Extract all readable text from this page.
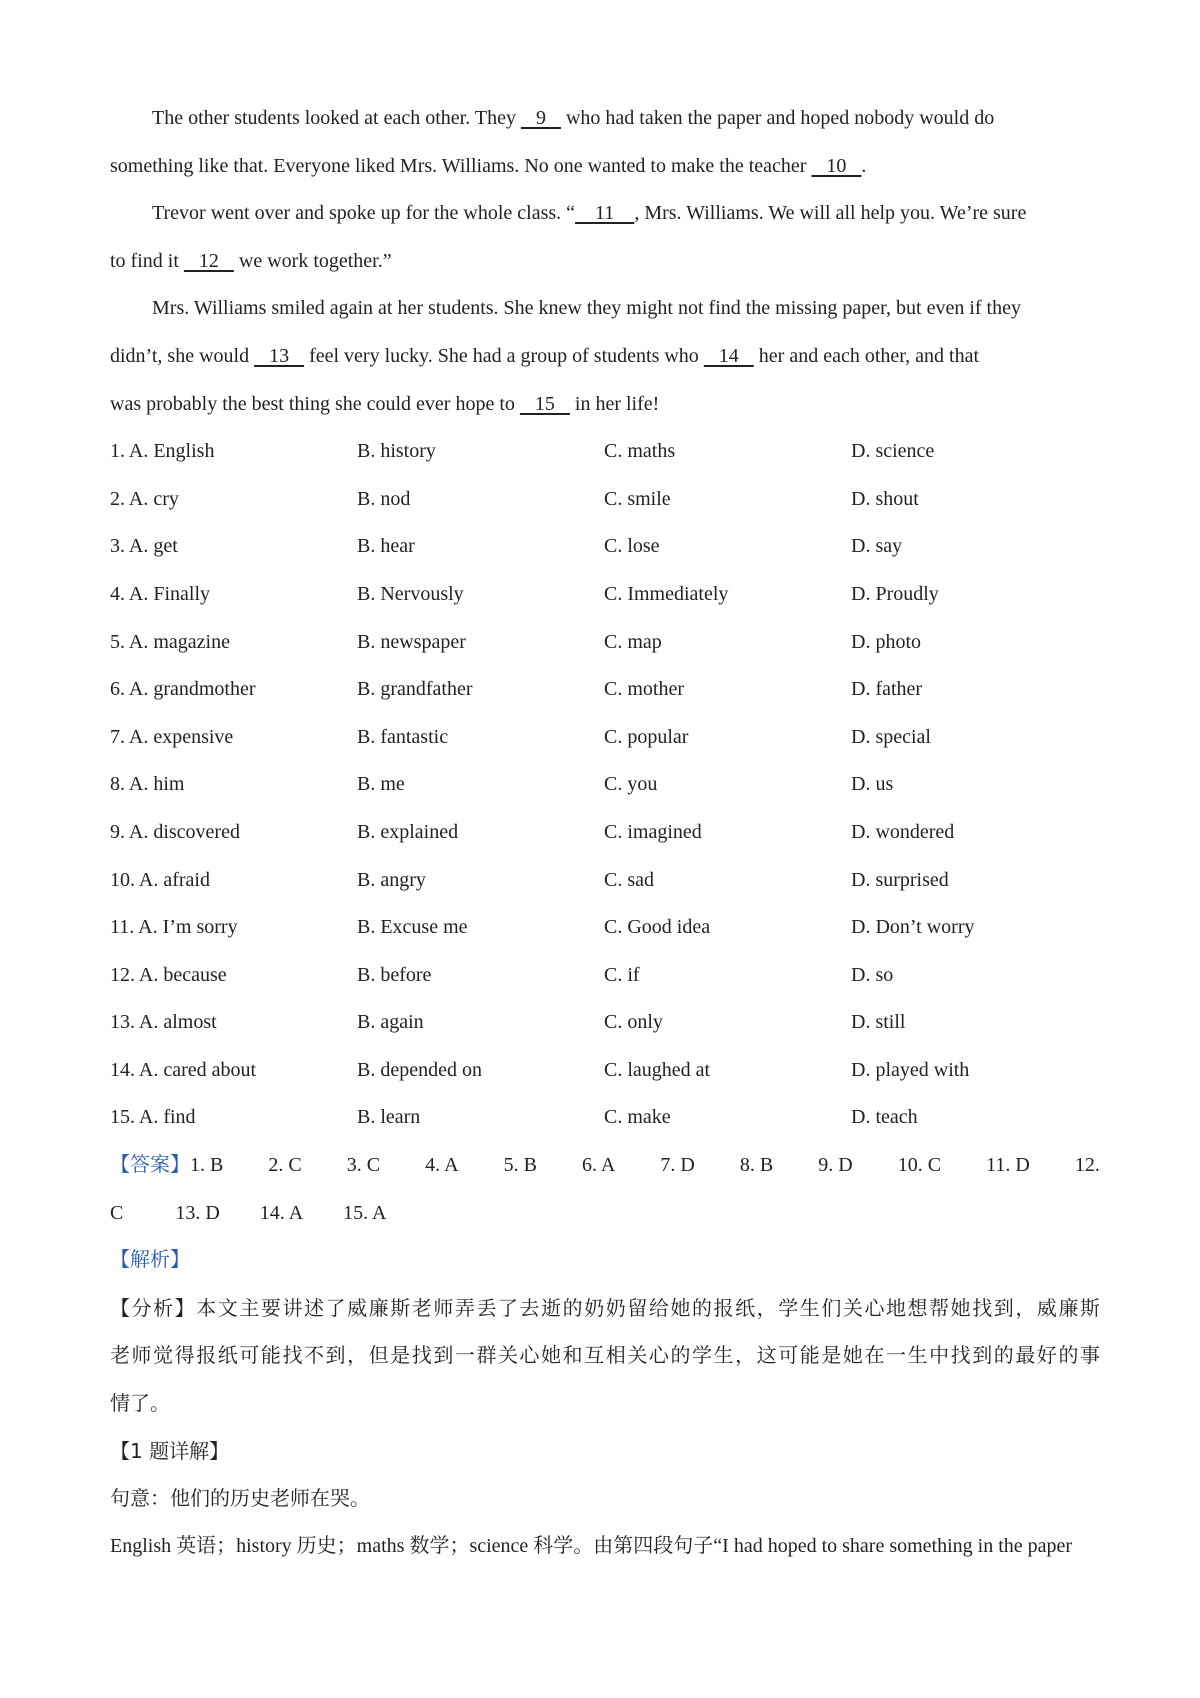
The other students looked at each other. They    9    who had taken the paper and hoped nobody would do
something like that. Everyone liked Mrs. Williams. No one wanted to make the teacher    10   .
Trevor went over and spoke up for the whole class. “    11    , Mrs. Williams. We will all help you. We’re sure
to find it    12    we work together.”
Mrs. Williams smiled again at her students. She knew they might not find the missing paper, but even if they
didn’t, she would    13    feel very lucky. She had a group of students who    14    her and each other, and that
was probably the best thing she could ever hope to    15    in her life!
1. A. English	B. history	C. maths	D. science
2. A. cry	B. nod	C. smile	D. shout
3. A. get	B. hear	C. lose	D. say
4. A. Finally	B. Nervously	C. Immediately	D. Proudly
5. A. magazine	B. newspaper	C. map	D. photo
6. A. grandmother	B. grandfather	C. mother	D. father
7. A. expensive	B. fantastic	C. popular	D. special
8. A. him	B. me	C. you	D. us
9. A. discovered	B. explained	C. imagined	D. wondered
10. A. afraid	B. angry	C. sad	D. surprised
11. A. I’m sorry	B. Excuse me	C. Good idea	D. Don’t worry
12. A. because	B. before	C. if	D. so
13. A. almost	B. again	C. only	D. still
14. A. cared about	B. depended on	C. laughed at	D. played with
15. A. find	B. learn	C. make	D. teach
【答案】1. B 2. C 3. C 4. A 5. B 6. A 7. D 8. B 9. D 10. C 11. D 12.
C	13. D 14. A 15. A
【解析】
【分析】本文主要讲述了威廉斯老师弄丢了去逝的奶奶留给她的报纸，学生们关心地想帮她找到，威廉斯
老师觉得报纸可能找不到，但是找到一群关心她和互相关心的学生，这可能是她在一生中找到的最好的事
情了。
【1 题详解】
句意：他们的历史老师在哭。
English 英语；history 历史；maths 数学；science 科学。由第四段句子“I had hoped to share something in the paper
